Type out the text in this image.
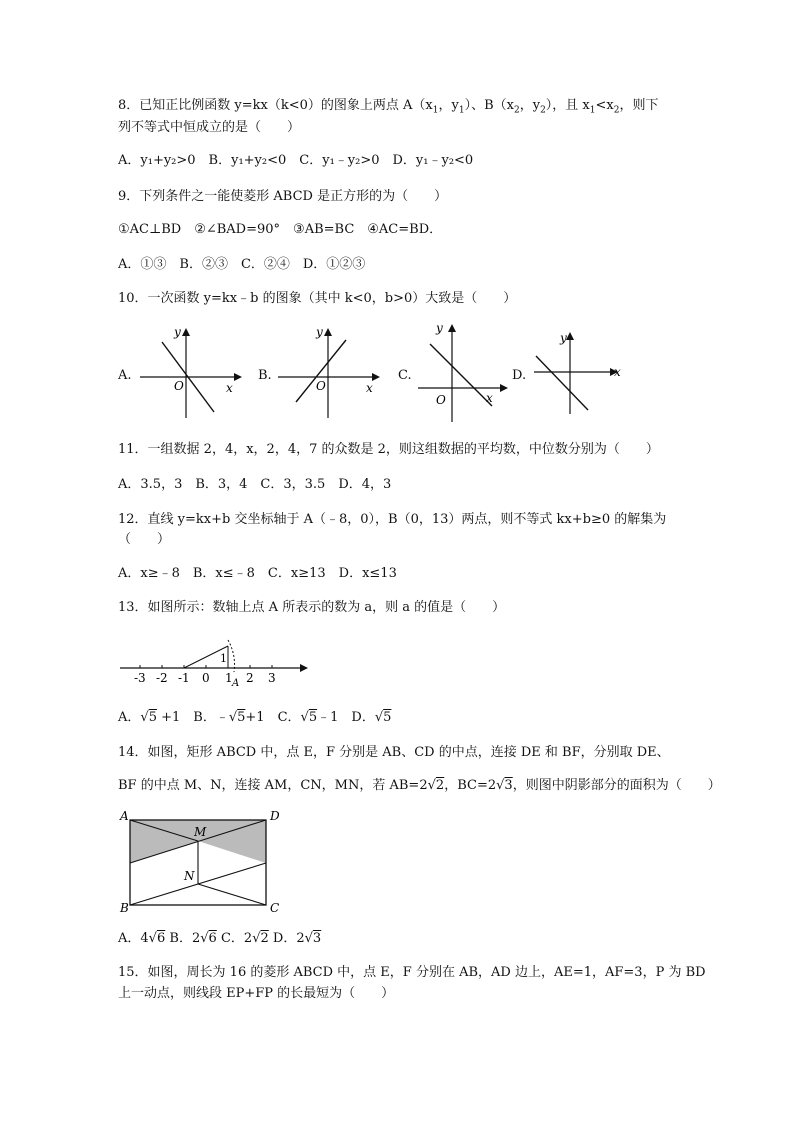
8．已知正比例函数 y=kx（k<0）的图象上两点 $A(x_1$，$y_1$）、$B(x_2$，$y_2$），且 $x_1<x_2$，则下
列不等式中恒成立的是（　　）
A．y₁+y₂>0　B．y₁+y₂<0　C．y₁﹣y₂>0　D．y₁﹣y₂<0
9．下列条件之一能使菱形 ABCD 是正方形的为（　　）
①AC⊥BD　②∠BAD=90°　③AB=BC　④AC=BD．
A．①③　B．②③　C．②④　D．①②③
10．一次函数 y=kx﹣b 的图象（其中 k<0，b>0）大致是（　　）
A.
y
x
O
B.
y
x
O
C.
y
x
O
D.
y
x
11．一组数据 2，4，x，2，4，7 的众数是 2，则这组数据的平均数，中位数分别为（　　）
A．3.5，3　B．3，4　C．3，3.5　D．4，3
12．直线 y=kx+b 交坐标轴于 A（﹣8，0），B（0，13）两点，则不等式 kx+b≥0 的解集为
（　　）
A．x≥﹣8　B．x≤﹣8　C．x≥13　D．x≤13
13．如图所示：数轴上点 A 所表示的数为 a，则 a 的值是（　　）
1
A
-3 -2 -1 0 1 2 3
A．√5 +1　B．﹣√5+1　C．√5﹣1　D．√5
14．如图，矩形 ABCD 中，点 E，F 分别是 AB、CD 的中点，连接 DE 和 BF，分别取 DE、
BF 的中点 M、N，连接 AM，CN，MN，若 AB=2√2，BC=2√3，则图中阴影部分的面积为（　　）
A	D
B	C
M
N
A．4√6 B．2√6 C．2√2 D．2√3
15．如图，周长为 16 的菱形 ABCD 中，点 E，F 分别在 AB，AD 边上，AE=1，AF=3，P 为 BD
上一动点，则线段 EP+FP 的长最短为（　　）
